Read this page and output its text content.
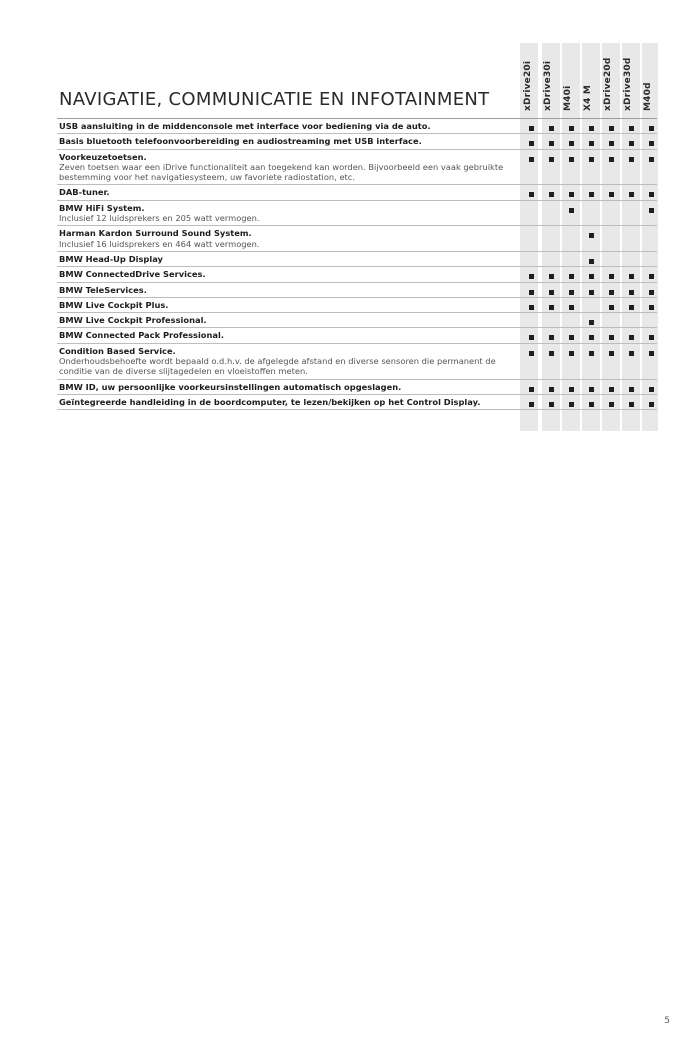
NAVIGATIE, COMMUNICATIE EN INFOTAINMENT	xDrive20i xDrive30i M40i X4 M xDrive20d xDrive30d M40d
USB aansluiting in de middenconsole met interface voor bediening via de auto.
Basis bluetooth telefoonvoorbereiding en audiostreaming met USB interface.
Voorkeuzetoetsen.
Zeven toetsen waar een iDrive functionaliteit aan toegekend kan worden. Bijvoorbeeld een vaak gebruikte bestemming voor het navigatiesysteem, uw favoriete radiostation, etc.
DAB-tuner.
BMW HiFi System.
Inclusief 12 luidsprekers en 205 watt vermogen.
Harman Kardon Surround Sound System.
Inclusief 16 luidsprekers en 464 watt vermogen.
BMW Head-Up Display
BMW ConnectedDrive Services.
BMW TeleServices.
BMW Live Cockpit Plus.
BMW Live Cockpit Professional.
BMW Connected Pack Professional.
Condition Based Service.
Onderhoudsbehoefte wordt bepaald o.d.h.v. de afgelegde afstand en diverse sensoren die permanent de conditie van de diverse slijtagedelen en vloeistoffen meten.
BMW ID, uw persoonlijke voorkeursinstellingen automatisch opgeslagen.
Geïntegreerde handleiding in de boordcomputer, te lezen/bekijken op het Control Display.
5
